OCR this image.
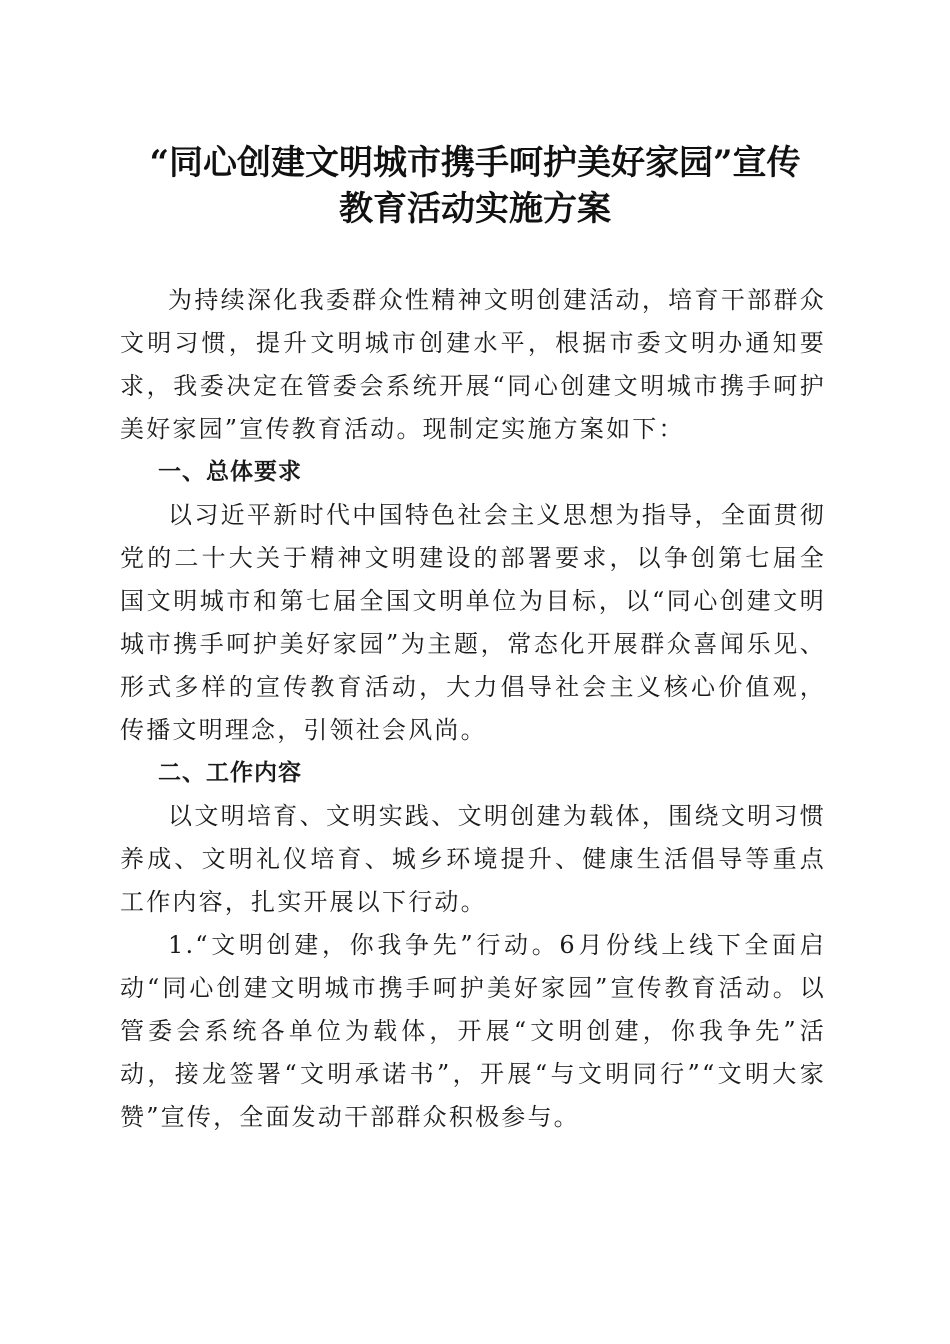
“同心创建文明城市携手呵护美好家园”宣传
教育活动实施方案

为持续深化我委群众性精神文明创建活动，培育干部群众文明习惯，提升文明城市创建水平，根据市委文明办通知要求，我委决定在管委会系统开展“同心创建文明城市携手呵护美好家园”宣传教育活动。现制定实施方案如下：

一、总体要求

以习近平新时代中国特色社会主义思想为指导，全面贯彻党的二十大关于精神文明建设的部署要求，以争创第七届全国文明城市和第七届全国文明单位为目标，以“同心创建文明城市携手呵护美好家园”为主题，常态化开展群众喜闻乐见、形式多样的宣传教育活动，大力倡导社会主义核心价值观，传播文明理念，引领社会风尚。

二、工作内容

以文明培育、文明实践、文明创建为载体，围绕文明习惯养成、文明礼仪培育、城乡环境提升、健康生活倡导等重点工作内容，扎实开展以下行动。

1.“文明创建，你我争先”行动。6月份线上线下全面启动“同心创建文明城市携手呵护美好家园”宣传教育活动。以管委会系统各单位为载体，开展“文明创建，你我争先”活动，接龙签署“文明承诺书”，开展“与文明同行”“文明大家赞”宣传，全面发动干部群众积极参与。
